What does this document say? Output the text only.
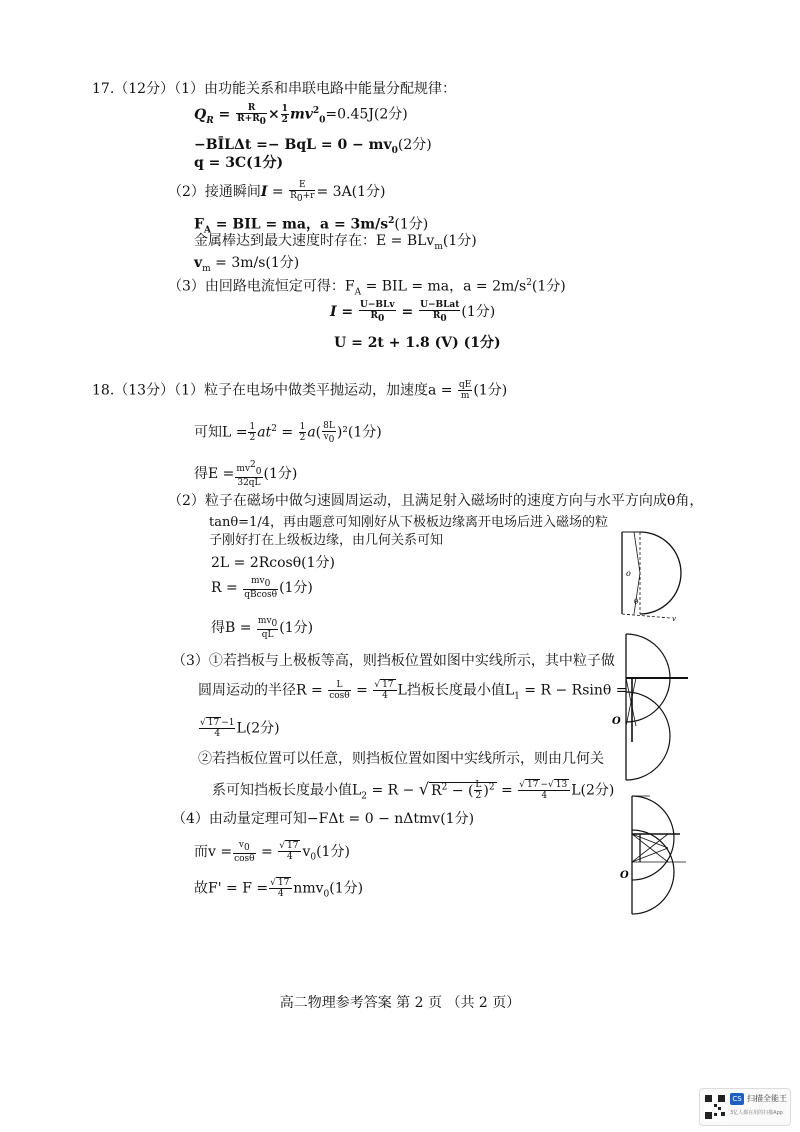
17.（12分）（1）由功能关系和串联电路中能量分配规律：
$Q_R = \frac{R}{R+R_0} \times \frac{1}{2} mv^2_0=0.45J(2$分)
−BĪLΔt =− BqL = $0 - mv_0(2$分)
q = 3C(1分)
（2）接通瞬间$I = \frac{E}{R_0+r} = 3A(1$分)
$F_A$ = BIL = ma，$a = 3m/s^2(1$分)
金属棒达到最大速度时存在：E = BLv$_m$(1分)
$v_m = 3m/s(1$分)
（3）由回路电流恒定可得：$F_A$ = BIL = ma，$a = 2m/s^2(1$分)
$I = \frac{\text{U−BLv}}{R_0} = \frac{\text{U−BLat}}{R_0} (1$分)
U = 2t + 1.8 (V) (1分)
18.（13分）（1）粒子在电场中做类平抛运动，加速度$a = \frac{qE}{m} (1$分)
可知$L = \frac{1}{2} at^2 = \frac{1}{2} a( \frac{8L}{v_0} )^2(1$分)
得$E = \frac{mv^2_0}{32qL} (1$分)
（2）粒子在磁场中做匀速圆周运动，且满足射入磁场时的速度方向与水平方向成θ角，
tanθ=1/4，再由题意可知刚好从下极板边缘离开电场后进入磁场的粒
子刚好打在上级板边缘，由几何关系可知
2L = 2Rcosθ(1分)
$R = \frac{mv_0}{qBcos\theta} (1$分)
得$B = \frac{mv_0}{qL} (1$分)
（3）①若挡板与上极板等高，则挡板位置如图中实线所示，其中粒子做
圆周运动的半径$R = \frac{L}{\cos\theta} = \frac{√ 17}{4}$ L挡板长度最小值$L_1 = R - Rsin\theta$ =
$\frac{√ 17 -1}{4} L(2$分)
②若挡板位置可以任意，则挡板位置如图中实线所示，则由几何关
系可知挡板长度最小值$L_2 = R$ − √ $R^2$ − ( $\frac{L}{2} )^2 = \frac{√ 17 -√ 13}{4} L(2$分)
（4）由动量定理可知−FΔt = 0 − nΔtmv(1分)
而$v = \frac{v_0}{\cos\theta} = \frac{√ 17}{4} v_0(1$分)
故$F' = F = \frac{√ 17}{4} nmv_0(1$分)
o
θ
v
O
O
高二物理参考答案 第 2 页 （共 2 页）
CS 扫描全能王
3亿人都在用的扫描App
